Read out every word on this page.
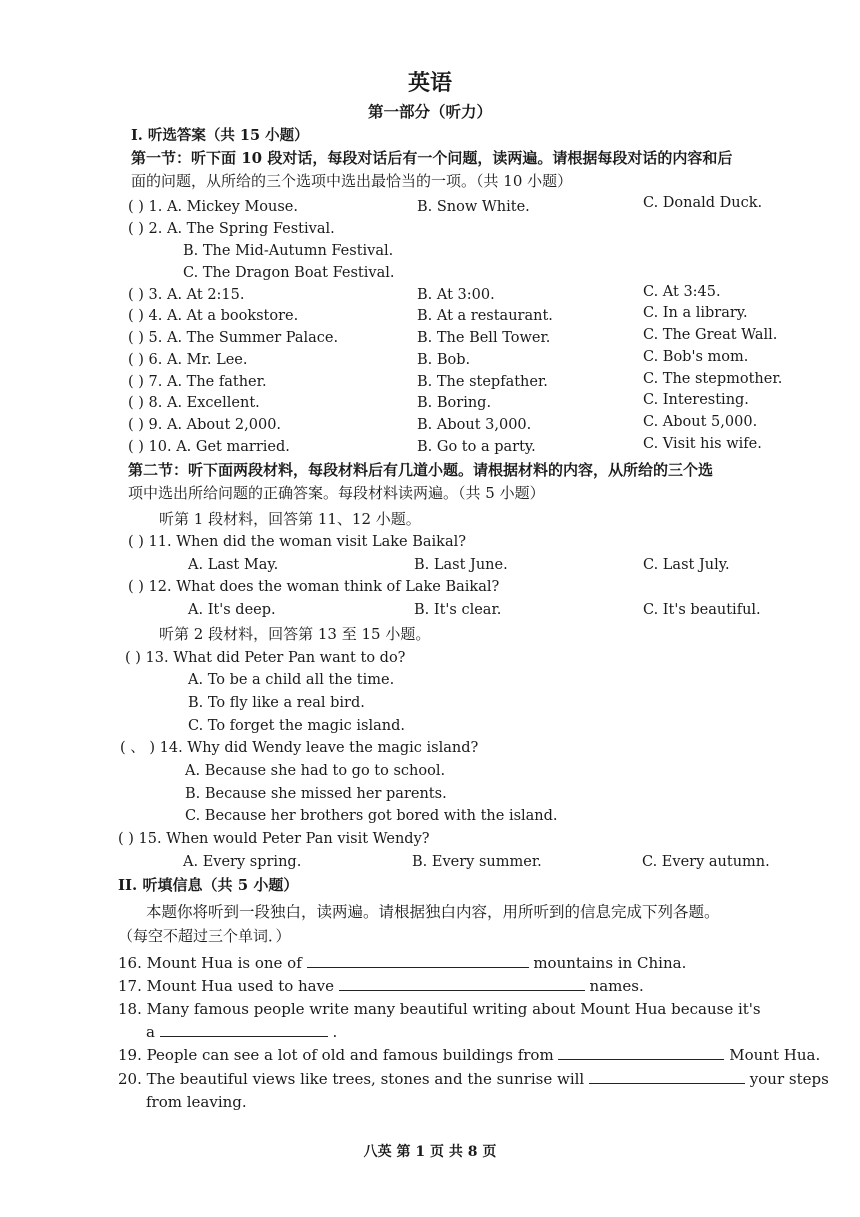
英语
第一部分（听力）
I. 听选答案（共 15 小题）
第一节：听下面 10 段对话，每段对话后有一个问题，读两遍。请根据每段对话的内容和后
面的问题，从所给的三个选项中选出最恰当的一项。（共 10 小题）
( ) 1. A. Mickey Mouse.	B. Snow White.	C. Donald Duck.
( ) 2. A. The Spring Festival.
B. The Mid-Autumn Festival.
C. The Dragon Boat Festival.
( ) 3. A. At 2:15.	B. At 3:00.	C. At 3:45.
( ) 4. A. At a bookstore.	B. At a restaurant.	C. In a library.
( ) 5. A. The Summer Palace.	B. The Bell Tower.	C. The Great Wall.
( ) 6. A. Mr. Lee.	B. Bob.	C. Bob's mom.
( ) 7. A. The father.	B. The stepfather.	C. The stepmother.
( ) 8. A. Excellent.	B. Boring.	C. Interesting.
( ) 9. A. About 2,000.	B. About 3,000.	C. About 5,000.
( ) 10. A. Get married.	B. Go to a party.	C. Visit his wife.
第二节：听下面两段材料，每段材料后有几道小题。请根据材料的内容，从所给的三个选
项中选出所给问题的正确答案。每段材料读两遍。（共 5 小题）
听第 1 段材料，回答第 11、12 小题。
( ) 11. When did the woman visit Lake Baikal?
A. Last May.	B. Last June.	C. Last July.
( ) 12. What does the woman think of Lake Baikal?
A. It's deep.	B. It's clear.	C. It's beautiful.
听第 2 段材料，回答第 13 至 15 小题。
( ) 13. What did Peter Pan want to do?
A. To be a child all the time.
B. To fly like a real bird.
C. To forget the magic island.
( 、 ) 14. Why did Wendy leave the magic island?
A. Because she had to go to school.
B. Because she missed her parents.
C. Because her brothers got bored with the island.
( ) 15. When would Peter Pan visit Wendy?
A. Every spring.	B. Every summer.	C. Every autumn.
II. 听填信息（共 5 小题）
本题你将听到一段独白，读两遍。请根据独白内容，用所听到的信息完成下列各题。
（每空不超过三个单词．）
16. Mount Hua is one of	mountains in China.
17. Mount Hua used to have	names.
18. Many famous people write many beautiful writing about Mount Hua because it's
a	.
19. People can see a lot of old and famous buildings from	Mount Hua.
20. The beautiful views like trees, stones and the sunrise will	your steps
from leaving.
八英 第 1 页 共 8 页
